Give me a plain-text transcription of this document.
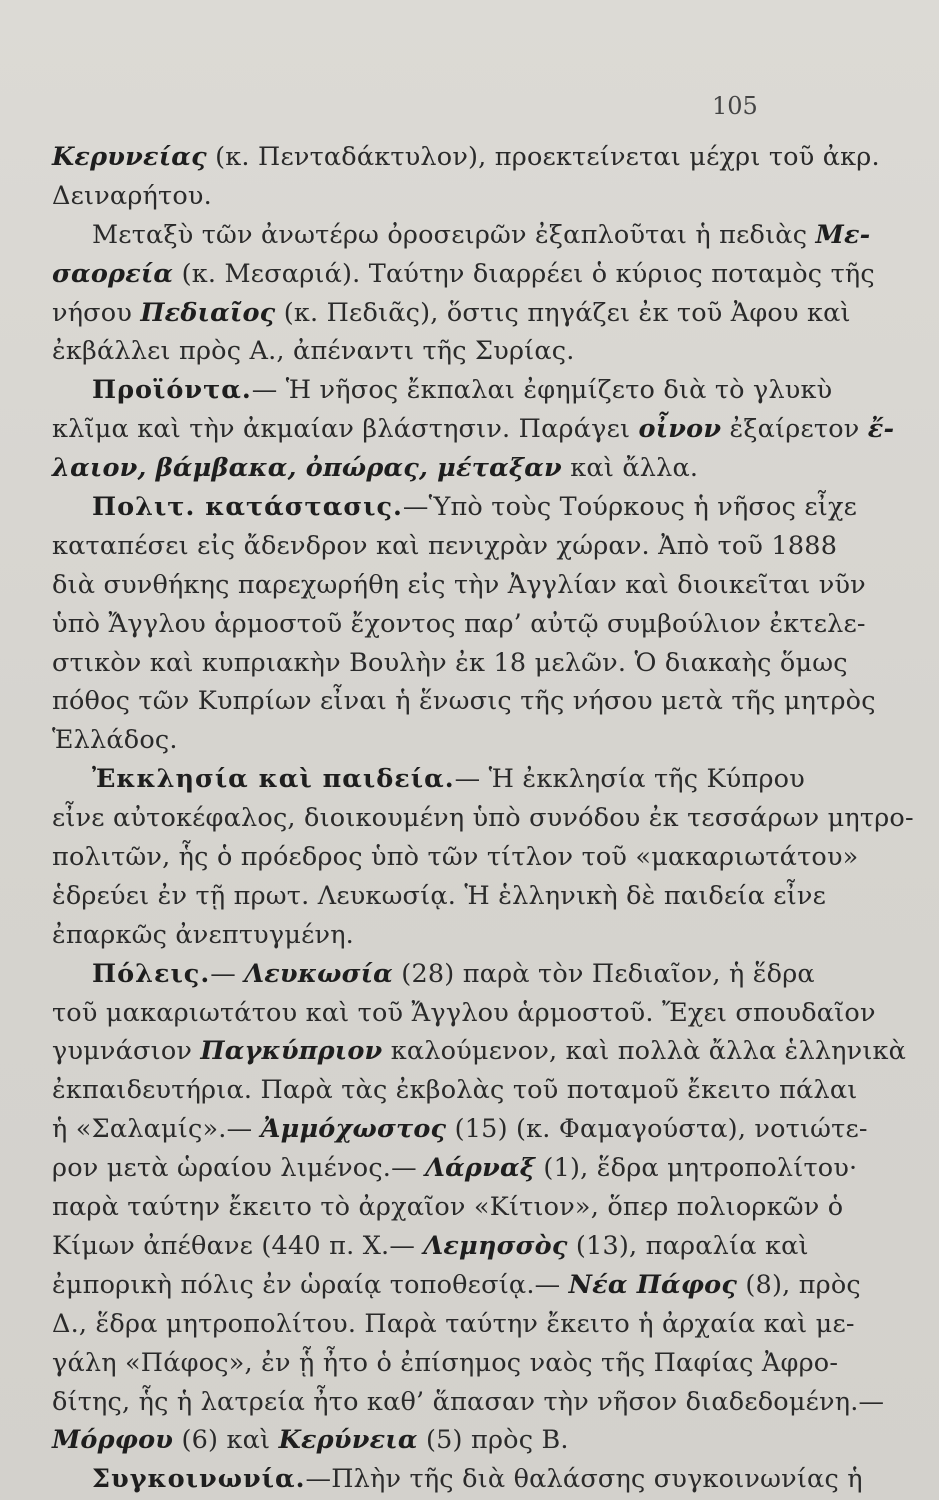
105
Κερυνείας (κ. Πενταδάκτυλον), προεκτείνεται μέχρι τοῦ ἀκρ.
Δειναρήτου.
Μεταξὺ τῶν ἀνωτέρω ὀροσειρῶν ἐξαπλοῦται ἡ πεδιὰς Με-
σαορεία (κ. Μεσαριά). Ταύτην διαρρέει ὁ κύριος ποταμὸς τῆς
νήσου Πεδιαῖος (κ. Πεδιᾶς), ὅστις πηγάζει ἐκ τοῦ Ἀφου καὶ
ἐκβάλλει πρὸς Α., ἀπέναντι τῆς Συρίας.
Προϊόντα.— Ἡ νῆσος ἔκπαλαι ἐφημίζετο διὰ τὸ γλυκὺ
κλῖμα καὶ τὴν ἀκμαίαν βλάστησιν. Παράγει οἶνον ἐξαίρετον ἔ-
λαιον, βάμβακα, ὀπώρας, μέταξαν καὶ ἄλλα.
Πολιτ. κατάστασις.—Ὑπὸ τοὺς Τούρκους ἡ νῆσος εἶχε
καταπέσει εἰς ἄδενδρον καὶ πενιχρὰν χώραν. Ἀπὸ τοῦ 1888
διὰ συνθήκης παρεχωρήθη εἰς τὴν Ἀγγλίαν καὶ διοικεῖται νῦν
ὑπὸ Ἄγγλου ἁρμοστοῦ ἔχοντος παρ’ αὐτῷ συμβούλιον ἐκτελε-
στικὸν καὶ κυπριακὴν Βουλὴν ἐκ 18 μελῶν. Ὁ διακαὴς ὅμως
πόθος τῶν Κυπρίων εἶναι ἡ ἕνωσις τῆς νήσου μετὰ τῆς μητρὸς
Ἑλλάδος.
Ἐκκλησία καὶ παιδεία.— Ἡ ἐκκλησία τῆς Κύπρου
εἶνε αὐτοκέφαλος, διοικουμένη ὑπὸ συνόδου ἐκ τεσσάρων μητρο-
πολιτῶν, ἧς ὁ πρόεδρος ὑπὸ τῶν τίτλον τοῦ «μακαριωτάτου»
ἑδρεύει ἐν τῇ πρωτ. Λευκωσίᾳ. Ἡ ἑλληνικὴ δὲ παιδεία εἶνε
ἐπαρκῶς ἀνεπτυγμένη.
Πόλεις.— Λευκωσία (28) παρὰ τὸν Πεδιαῖον, ἡ ἕδρα
τοῦ μακαριωτάτου καὶ τοῦ Ἄγγλου ἁρμοστοῦ. Ἔχει σπουδαῖον
γυμνάσιον Παγκύπριον καλούμενον, καὶ πολλὰ ἄλλα ἑλληνικὰ
ἐκπαιδευτήρια. Παρὰ τὰς ἐκβολὰς τοῦ ποταμοῦ ἔκειτο πάλαι
ἡ «Σαλαμίς».— Ἀμμόχωστος (15) (κ. Φαμαγούστα), νοτιώτε-
ρον μετὰ ὡραίου λιμένος.— Λάρναξ (1), ἕδρα μητροπολίτου·
παρὰ ταύτην ἔκειτο τὸ ἀρχαῖον «Κίτιον», ὅπερ πολιορκῶν ὁ
Κίμων ἀπέθανε (440 π. Χ.— Λεμησσὸς (13), παραλία καὶ
ἐμπορικὴ πόλις ἐν ὡραίᾳ τοποθεσίᾳ.— Νέα Πάφος (8), πρὸς
Δ., ἕδρα μητροπολίτου. Παρὰ ταύτην ἔκειτο ἡ ἀρχαία καὶ με-
γάλη «Πάφος», ἐν ᾗ ἦτο ὁ ἐπίσημος ναὸς τῆς Παφίας Ἀφρο-
δίτης, ἧς ἡ λατρεία ἦτο καθ’ ἅπασαν τὴν νῆσον διαδεδομένη.—
Μόρφου (6) καὶ Κερύνεια (5) πρὸς Β.
Συγκοινωνία.—Πλὴν τῆς διὰ θαλάσσης συγκοινωνίας ἡ
